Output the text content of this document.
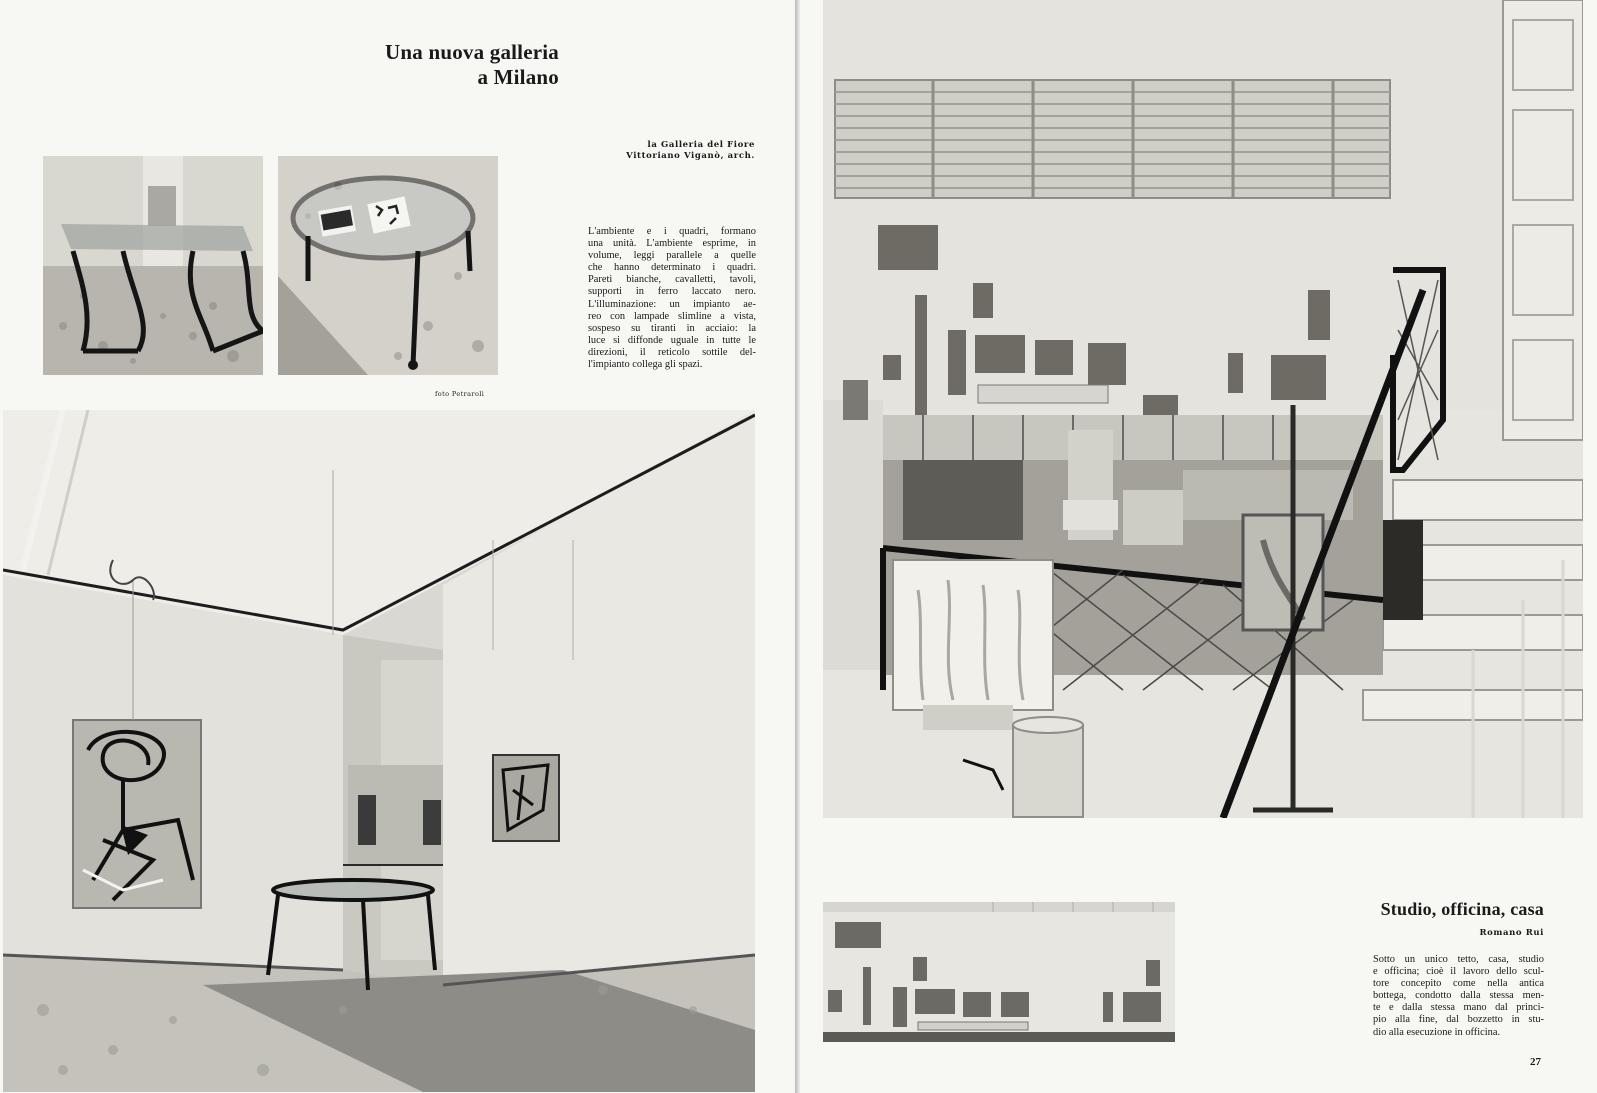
Una nuova galleria
a Milano
la Galleria del Fiore
Vittoriano Viganò, arch.
L'ambiente e i quadri, formano
una unità. L'ambiente esprime, in
volume, leggi parallele a quelle
che hanno determinato i quadri.
Pareti bianche, cavalletti, tavoli,
supporti in ferro laccato nero.
L'illuminazione: un impianto ae-
reo con lampade slimline a vista,
sospeso su tiranti in acciaio: la
luce si diffonde uguale in tutte le
direzioni, il reticolo sottile del-
l'impianto collega gli spazi.
foto Petrarolì
Studio, officina, casa
Romano Rui
Sotto un unico tetto, casa, studio
e officina; cioè il lavoro dello scul-
tore concepito come nella antica
bottega, condotto dalla stessa men-
te e dalla stessa mano dal princi-
pio alla fine, dal bozzetto in stu-
dio alla esecuzione in officina.
27
